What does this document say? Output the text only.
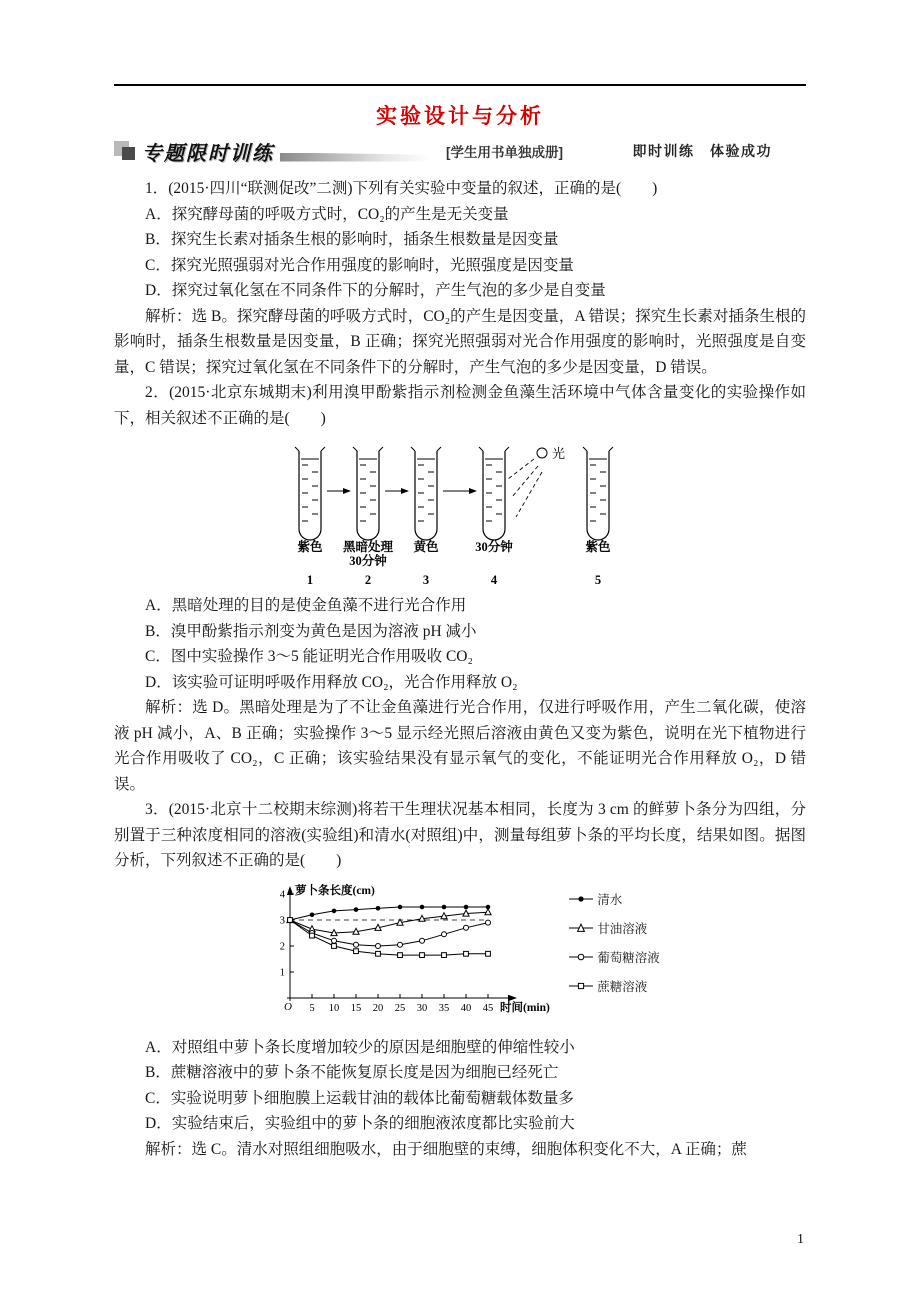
实验设计与分析
专题限时训练	[学生用书单独成册]	即时训练　体验成功

1．(2015·四川“联测促改”二测)下列有关实验中变量的叙述，正确的是(　　)

A．探究酵母菌的呼吸方式时，CO₂的产生是无关变量

B．探究生长素对插条生根的影响时，插条生根数量是因变量

C．探究光照强弱对光合作用强度的影响时，光照强度是因变量

D．探究过氧化氢在不同条件下的分解时，产生气泡的多少是自变量

解析：选 B。探究酵母菌的呼吸方式时，CO₂的产生是因变量，A 错误；探究生长素对插条生根的影响时，插条生根数量是因变量，B 正确；探究光照强弱对光合作用强度的影响时，光照强度是自变量，C 错误；探究过氧化氢在不同条件下的分解时，产生气泡的多少是因变量，D 错误。

2．(2015·北京东城期末)利用溴甲酚紫指示剂检测金鱼藻生活环境中气体含量变化的实验操作如下，相关叙述不正确的是(　　)

光
紫色 黑暗处理
30分钟
黄色	30分钟	紫色
1	2	3	4	5

A．黑暗处理的目的是使金鱼藻不进行光合作用

B．溴甲酚紫指示剂变为黄色是因为溶液 pH 减小

C．图中实验操作 3～5 能证明光合作用吸收 CO₂

D．该实验可证明呼吸作用释放 CO₂，光合作用释放 O₂

解析：选 D。黑暗处理是为了不让金鱼藻进行光合作用，仅进行呼吸作用，产生二氧化碳，使溶液 pH 减小，A、B 正确；实验操作 3～5 显示经光照后溶液由黄色又变为紫色，说明在光下植物进行光合作用吸收了 CO₂，C 正确；该实验结果没有显示氧气的变化，不能证明光合作用释放 O₂，D 错误。

3．(2015·北京十二校期末综测)将若干生理状况基本相同，长度为 3 cm 的鲜萝卜条分为四组，分别置于三种浓度相同的溶液(实验组)和清水(对照组)中，测量每组萝卜条的平均长度，结果如图。据图分析，下列叙述不正确的是(　　)

1
2
3
4
5 10 15 20 25 30 35 40 45
萝卜条长度(cm)
时间(min)
O
清水
甘油溶液
葡萄糖溶液
蔗糖溶液

A．对照组中萝卜条长度增加较少的原因是细胞壁的伸缩性较小

B．蔗糖溶液中的萝卜条不能恢复原长度是因为细胞已经死亡

C．实验说明萝卜细胞膜上运载甘油的载体比葡萄糖载体数量多

D．实验结束后，实验组中的萝卜条的细胞液浓度都比实验前大

解析：选 C。清水对照组细胞吸水，由于细胞壁的束缚，细胞体积变化不大，A 正确；蔗

1
